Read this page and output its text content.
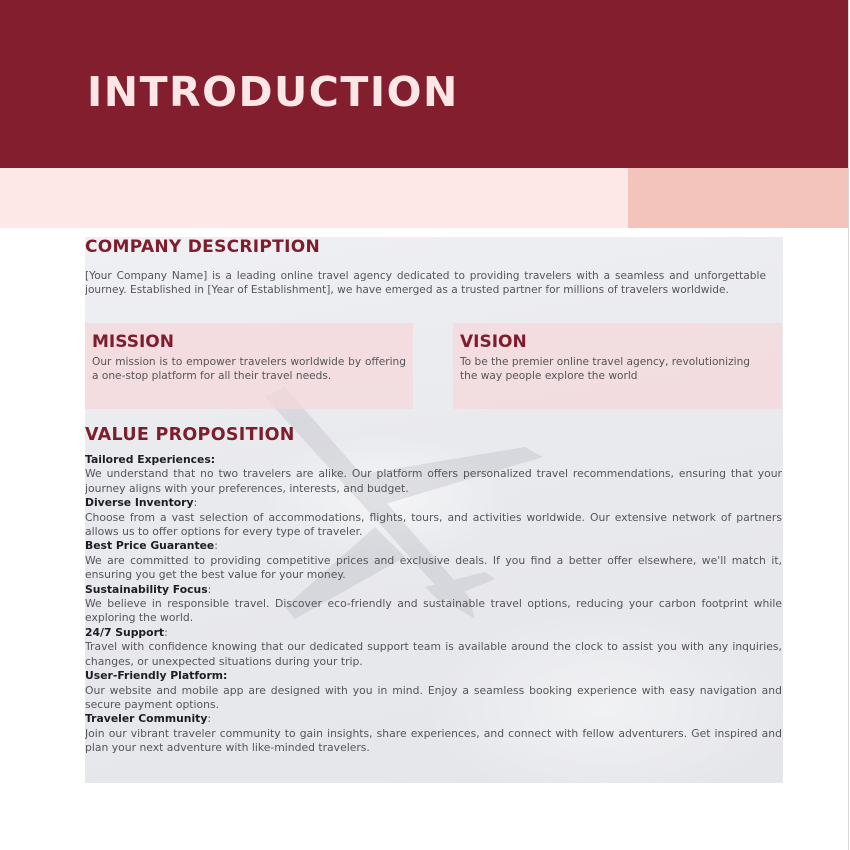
INTRODUCTION
COMPANY DESCRIPTION

[Your Company Name] is a leading online travel agency dedicated to providing travelers with a seamless and unforgettable journey. Established in [Year of Establishment], we have emerged as a trusted partner for millions of travelers worldwide.

MISSION

Our mission is to empower travelers worldwide by offering a one-stop platform for all their travel needs.

VISION

To be the premier online travel agency, revolutionizing the way people explore the world

VALUE PROPOSITION
Tailored Experiences:
We understand that no two travelers are alike. Our platform offers personalized travel recommendations, ensuring that your journey aligns with your preferences, interests, and budget.
Diverse Inventory:
Choose from a vast selection of accommodations, flights, tours, and activities worldwide. Our extensive network of partners allows us to offer options for every type of traveler.
Best Price Guarantee:
We are committed to providing competitive prices and exclusive deals. If you find a better offer elsewhere, we'll match it, ensuring you get the best value for your money.
Sustainability Focus:
We believe in responsible travel. Discover eco-friendly and sustainable travel options, reducing your carbon footprint while exploring the world.
24/7 Support:
Travel with confidence knowing that our dedicated support team is available around the clock to assist you with any inquiries, changes, or unexpected situations during your trip.
User-Friendly Platform:
Our website and mobile app are designed with you in mind. Enjoy a seamless booking experience with easy navigation and secure payment options.
Traveler Community:
Join our vibrant traveler community to gain insights, share experiences, and connect with fellow adventurers. Get inspired and plan your next adventure with like-minded travelers.
